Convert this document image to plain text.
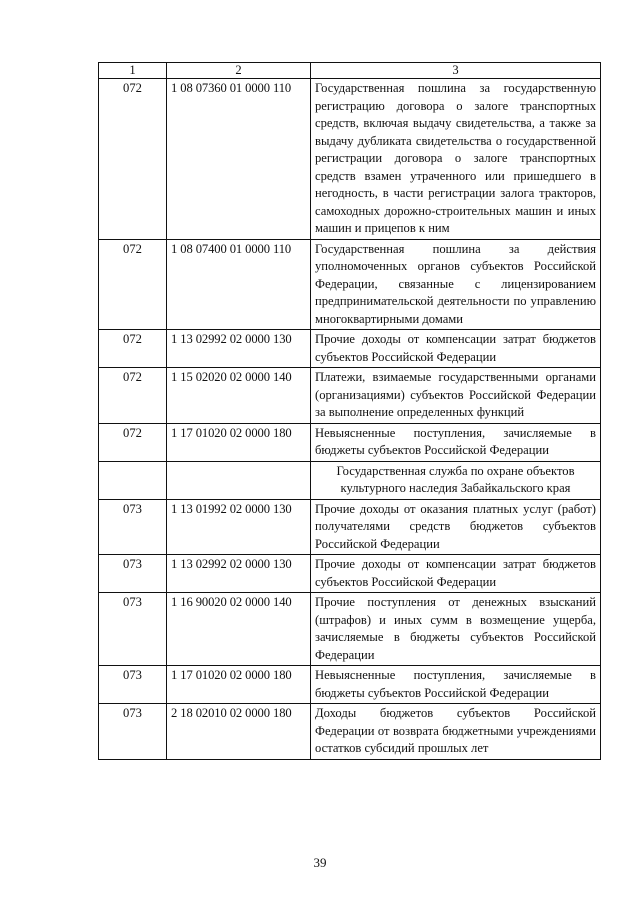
1	2	3
072	1 08 07360 01 0000 110	Государственная пошлина за государственную регистрацию договора о залоге транспортных средств, включая выдачу свидетельства, а также за выдачу дубликата свидетельства о государственной регистрации договора о залоге транспортных средств взамен утраченного или пришедшего в негодность, в части регистрации залога тракторов, самоходных дорожно-строительных машин и иных машин и прицепов к ним
072	1 08 07400 01 0000 110	Государственная пошлина за действия уполномоченных органов субъектов Российской Федерации, связанные с лицензированием предпринимательской деятельности по управлению многоквартирными домами
072	1 13 02992 02 0000 130	Прочие доходы от компенсации затрат бюджетов субъектов Российской Федерации
072	1 15 02020 02 0000 140	Платежи, взимаемые государственными органами (организациями) субъектов Российской Федерации за выполнение определенных функций
072	1 17 01020 02 0000 180	Невыясненные поступления, зачисляемые в бюджеты субъектов Российской Федерации
		Государственная служба по охране объектов культурного наследия Забайкальского края
073	1 13 01992 02 0000 130	Прочие доходы от оказания платных услуг (работ) получателями средств бюджетов субъектов Российской Федерации
073	1 13 02992 02 0000 130	Прочие доходы от компенсации затрат бюджетов субъектов Российской Федерации
073	1 16 90020 02 0000 140	Прочие поступления от денежных взысканий (штрафов) и иных сумм в возмещение ущерба, зачисляемые в бюджеты субъектов Российской Федерации
073	1 17 01020 02 0000 180	Невыясненные поступления, зачисляемые в бюджеты субъектов Российской Федерации
073	2 18 02010 02 0000 180	Доходы бюджетов субъектов Российской Федерации от возврата бюджетными учреждениями остатков субсидий прошлых лет
39
